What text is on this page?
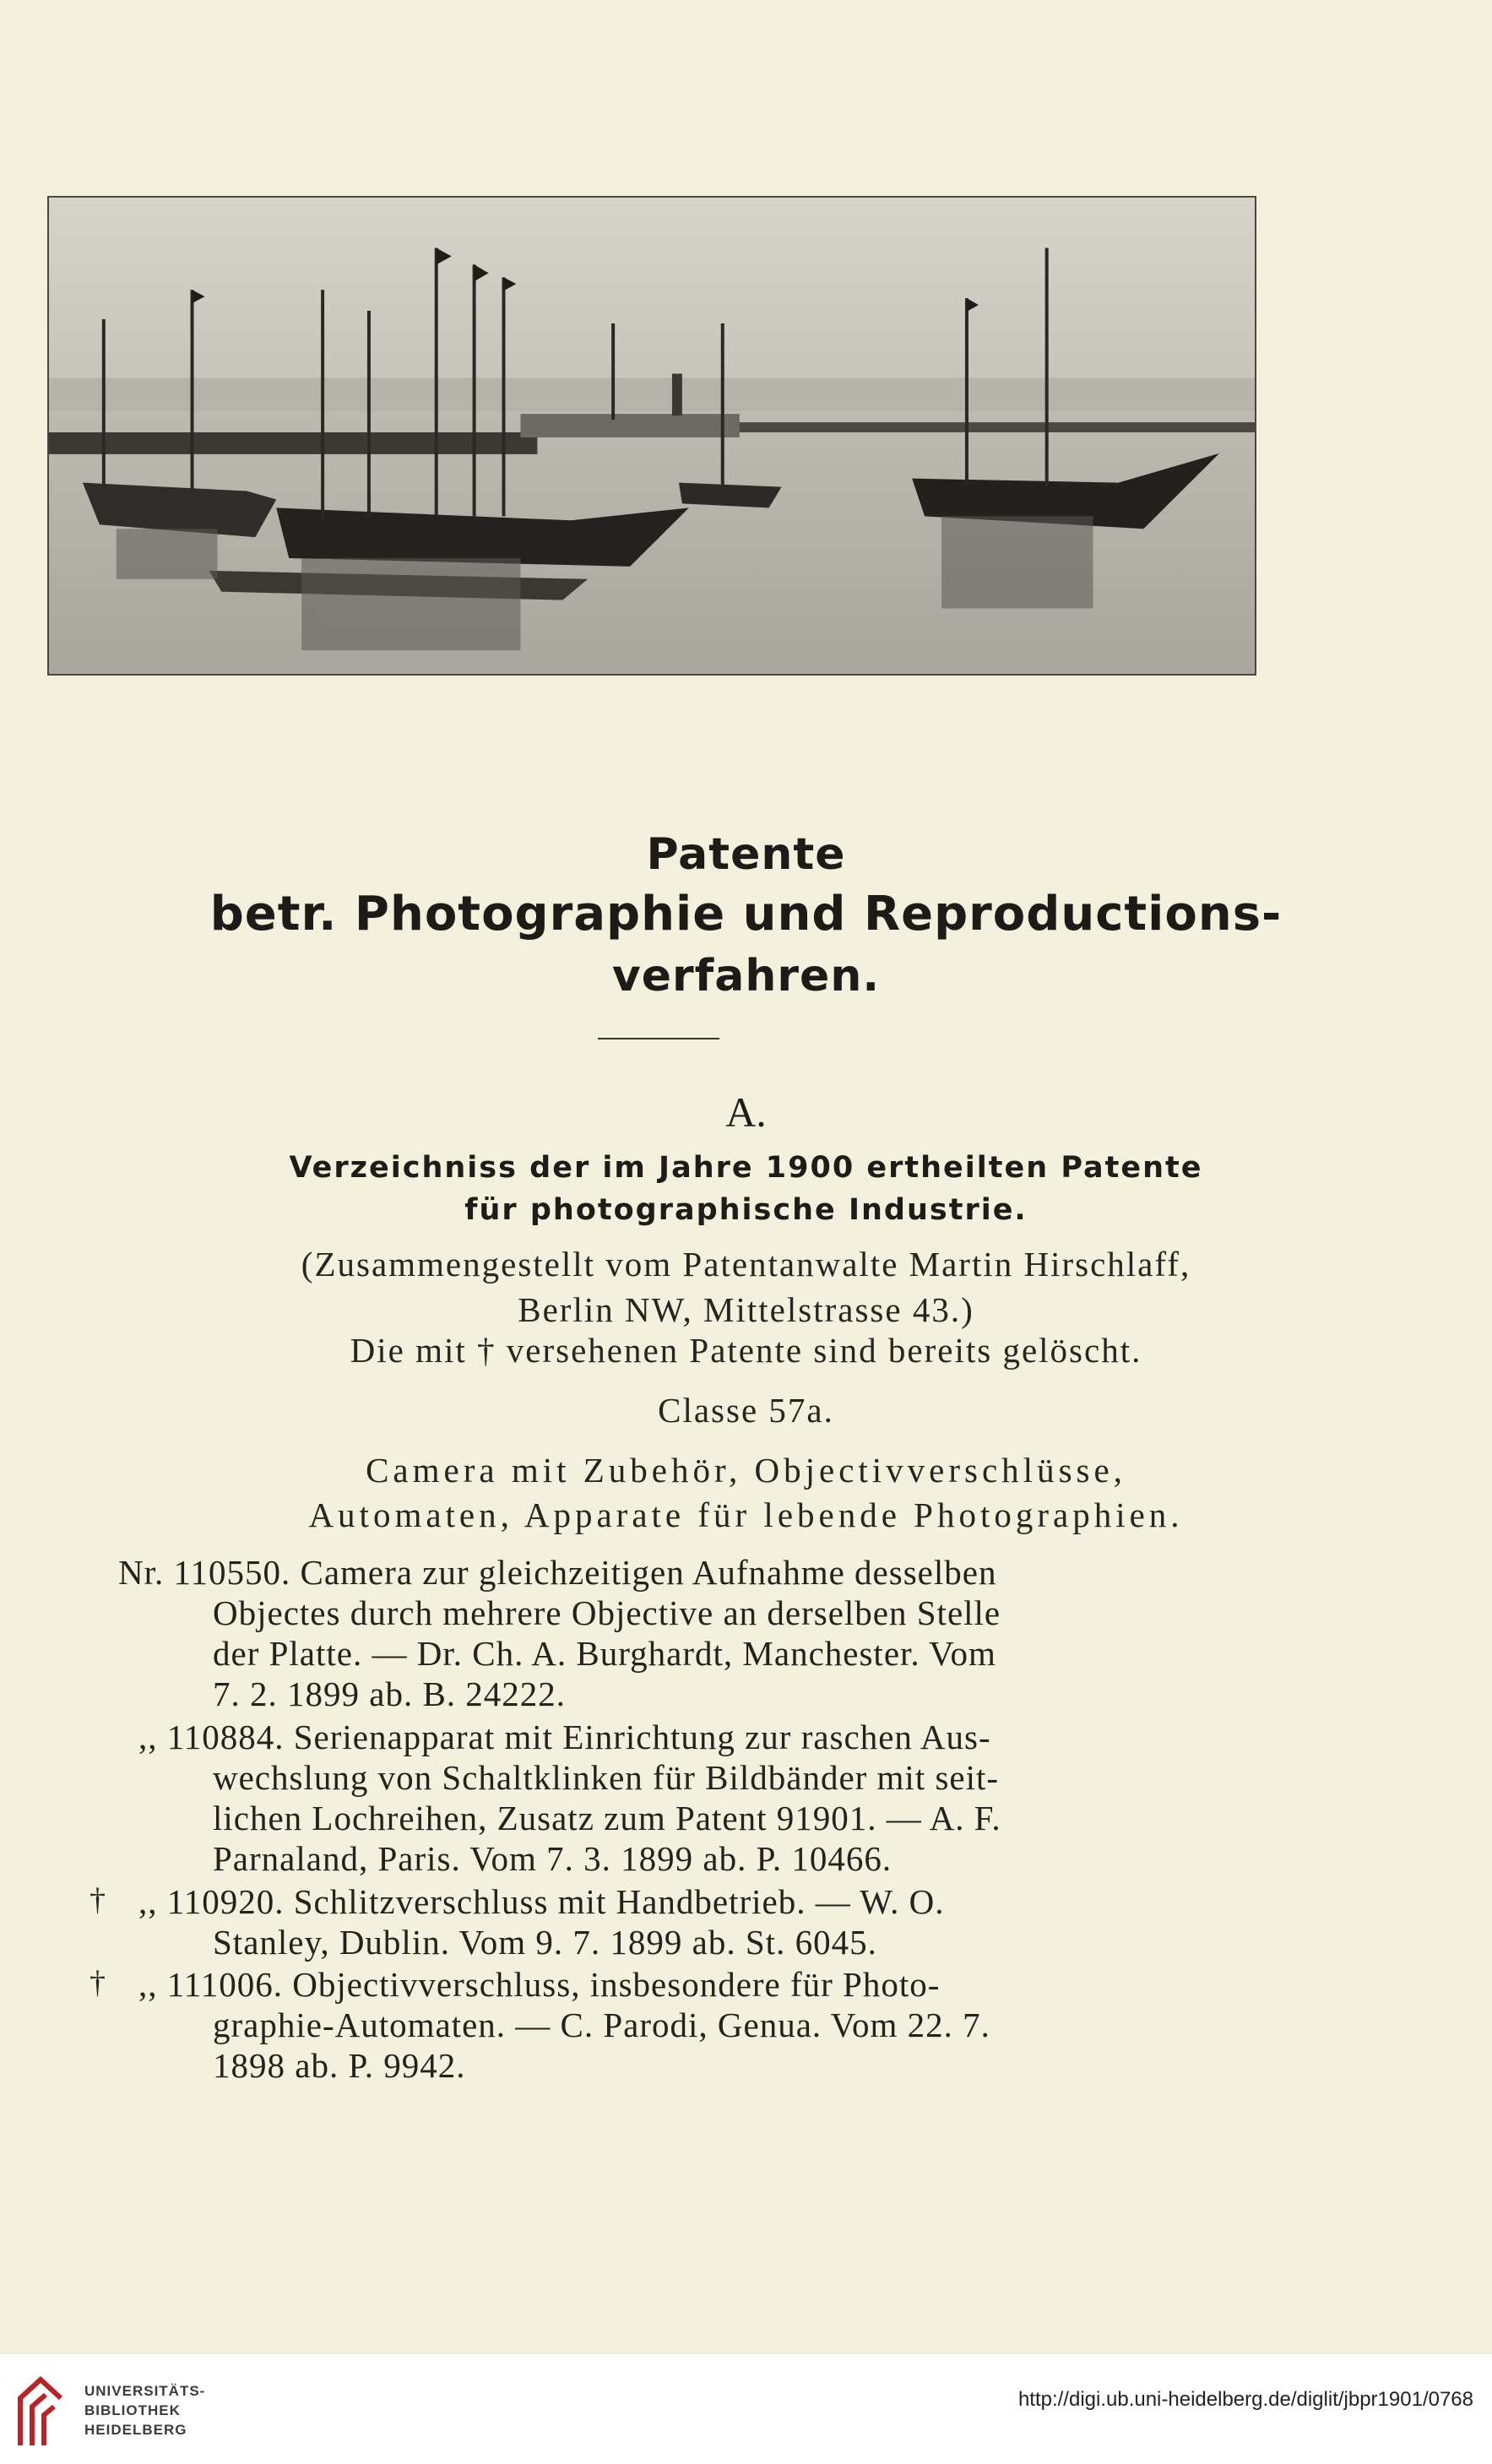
Patente
betr. Photographie und Reproductions-
verfahren.
A.
Verzeichniss der im Jahre 1900 ertheilten Patente
für photographische Industrie.
(Zusammengestellt vom Patentanwalte Martin Hirschlaff,
Berlin NW, Mittelstrasse 43.)
Die mit † versehenen Patente sind bereits gelöscht.
Classe 57a.
Camera mit Zubehör, Objectivverschlüsse,
Automaten, Apparate für lebende Photographien.
Nr. 110550. Camera zur gleichzeitigen Aufnahme desselben
Objectes durch mehrere Objective an derselben Stelle
der Platte. — Dr. Ch. A. Burghardt, Manchester. Vom
7. 2. 1899 ab. B. 24222.
,, 110884. Serienapparat mit Einrichtung zur raschen Aus-
wechslung von Schaltklinken für Bildbänder mit seit-
lichen Lochreihen, Zusatz zum Patent 91901. — A. F.
Parnaland, Paris. Vom 7. 3. 1899 ab. P. 10466.
† ,, 110920. Schlitzverschluss mit Handbetrieb. — W. O.
Stanley, Dublin. Vom 9. 7. 1899 ab. St. 6045.
† ,, 111006. Objectivverschluss, insbesondere für Photo-
graphie-Automaten. — C. Parodi, Genua. Vom 22. 7.
1898 ab. P. 9942.
UNIVERSITÄTS-
BIBLIOTHEK
HEIDELBERG
http://digi.ub.uni-heidelberg.de/diglit/jbpr1901/0768
